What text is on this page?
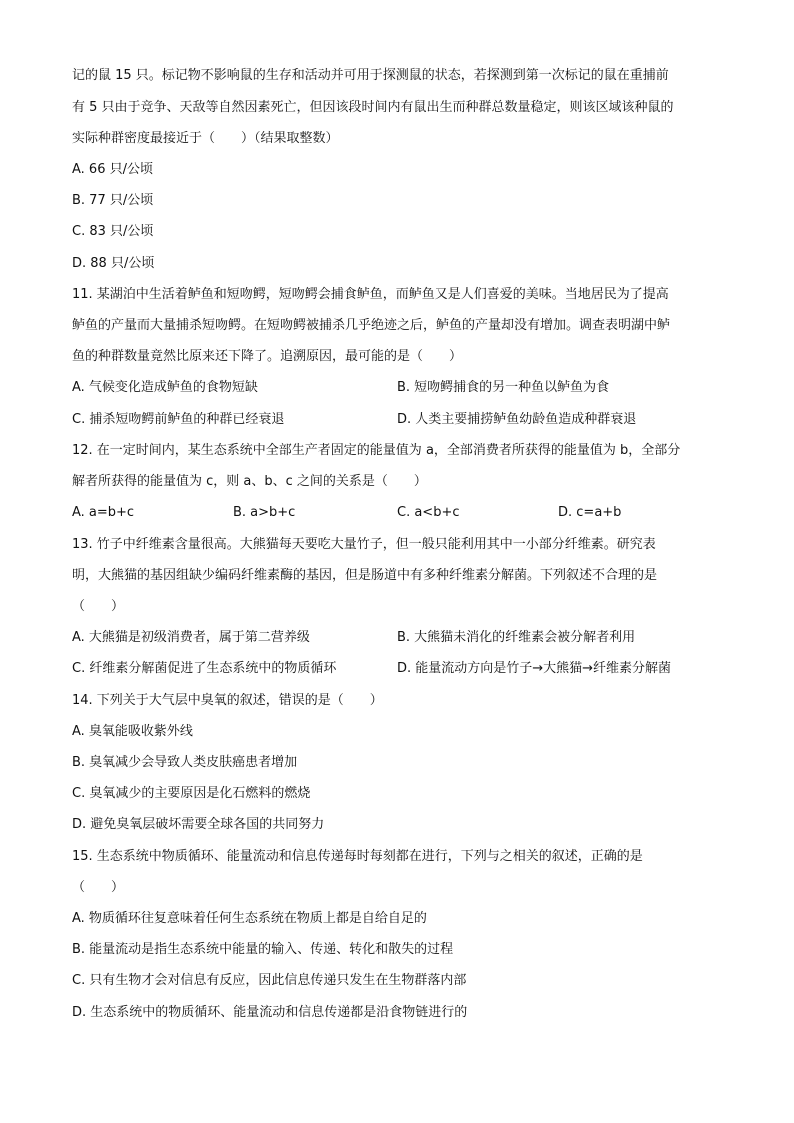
记的鼠 15 只。标记物不影响鼠的生存和活动并可用于探测鼠的状态，若探测到第一次标记的鼠在重捕前
有 5 只由于竞争、天敌等自然因素死亡，但因该段时间内有鼠出生而种群总数量稳定，则该区域该种鼠的
实际种群密度最接近于（　　）（结果取整数）
A. 66 只/公顷
B. 77 只/公顷
C. 83 只/公顷
D. 88 只/公顷
11. 某湖泊中生活着鲈鱼和短吻鳄，短吻鳄会捕食鲈鱼，而鲈鱼又是人们喜爱的美味。当地居民为了提高
鲈鱼的产量而大量捕杀短吻鳄。在短吻鳄被捕杀几乎绝迹之后，鲈鱼的产量却没有增加。调查表明湖中鲈
鱼的种群数量竟然比原来还下降了。追溯原因，最可能的是（　　）
A. 气候变化造成鲈鱼的食物短缺	B. 短吻鳄捕食的另一种鱼以鲈鱼为食
C. 捕杀短吻鳄前鲈鱼的种群已经衰退	D. 人类主要捕捞鲈鱼幼龄鱼造成种群衰退
12. 在一定时间内，某生态系统中全部生产者固定的能量值为 a，全部消费者所获得的能量值为 b，全部分
解者所获得的能量值为 c，则 a、b、c 之间的关系是（　　）
A. a=b+c	B. a>b+c	C. a<b+c	D. c=a+b
13. 竹子中纤维素含量很高。大熊猫每天要吃大量竹子，但一般只能利用其中一小部分纤维素。研究表
明，大熊猫的基因组缺少编码纤维素酶的基因，但是肠道中有多种纤维素分解菌。下列叙述不合理的是
（　　）
A. 大熊猫是初级消费者，属于第二营养级	B. 大熊猫未消化的纤维素会被分解者利用
C. 纤维素分解菌促进了生态系统中的物质循环	D. 能量流动方向是竹子→大熊猫→纤维素分解菌
14. 下列关于大气层中臭氧的叙述，错误的是（　　）
A. 臭氧能吸收紫外线
B. 臭氧减少会导致人类皮肤癌患者增加
C. 臭氧减少的主要原因是化石燃料的燃烧
D. 避免臭氧层破坏需要全球各国的共同努力
15. 生态系统中物质循环、能量流动和信息传递每时每刻都在进行，下列与之相关的叙述，正确的是
（　　）
A. 物质循环往复意味着任何生态系统在物质上都是自给自足的
B. 能量流动是指生态系统中能量的输入、传递、转化和散失的过程
C. 只有生物才会对信息有反应，因此信息传递只发生在生物群落内部
D. 生态系统中的物质循环、能量流动和信息传递都是沿食物链进行的
